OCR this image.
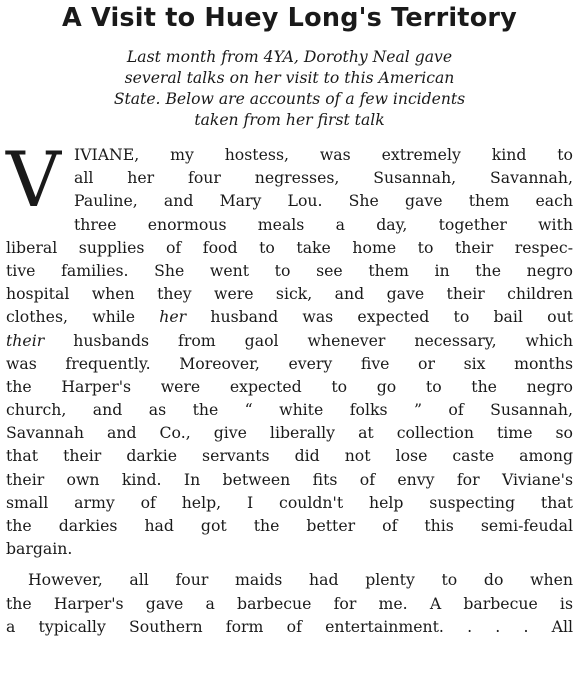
A Visit to Huey Long's Territory
Last month from 4YA, Dorothy Neal gave
several talks on her visit to this American
State. Below are accounts of a few incidents
taken from her first talk
V IVIANE, my hostess, was extremely kind to
all her four negresses, Susannah, Savannah,
Pauline, and Mary Lou. She gave them each
three enormous meals a day, together with
liberal supplies of food to take home to their respec-
tive families. She went to see them in the negro
hospital when they were sick, and gave their children
clothes, while her husband was expected to bail out
their husbands from gaol whenever necessary, which
was frequently. Moreover, every five or six months
the Harper's were expected to go to the negro
church, and as the “ white folks ” of Susannah,
Savannah and Co., give liberally at collection time so
that their darkie servants did not lose caste among
their own kind. In between fits of envy for Viviane's
small army of help, I couldn't help suspecting that
the darkies had got the better of this semi-feudal
bargain.
However, all four maids had plenty to do when
the Harper's gave a barbecue for me. A barbecue is
a typically Southern form of entertainment. . . . All
